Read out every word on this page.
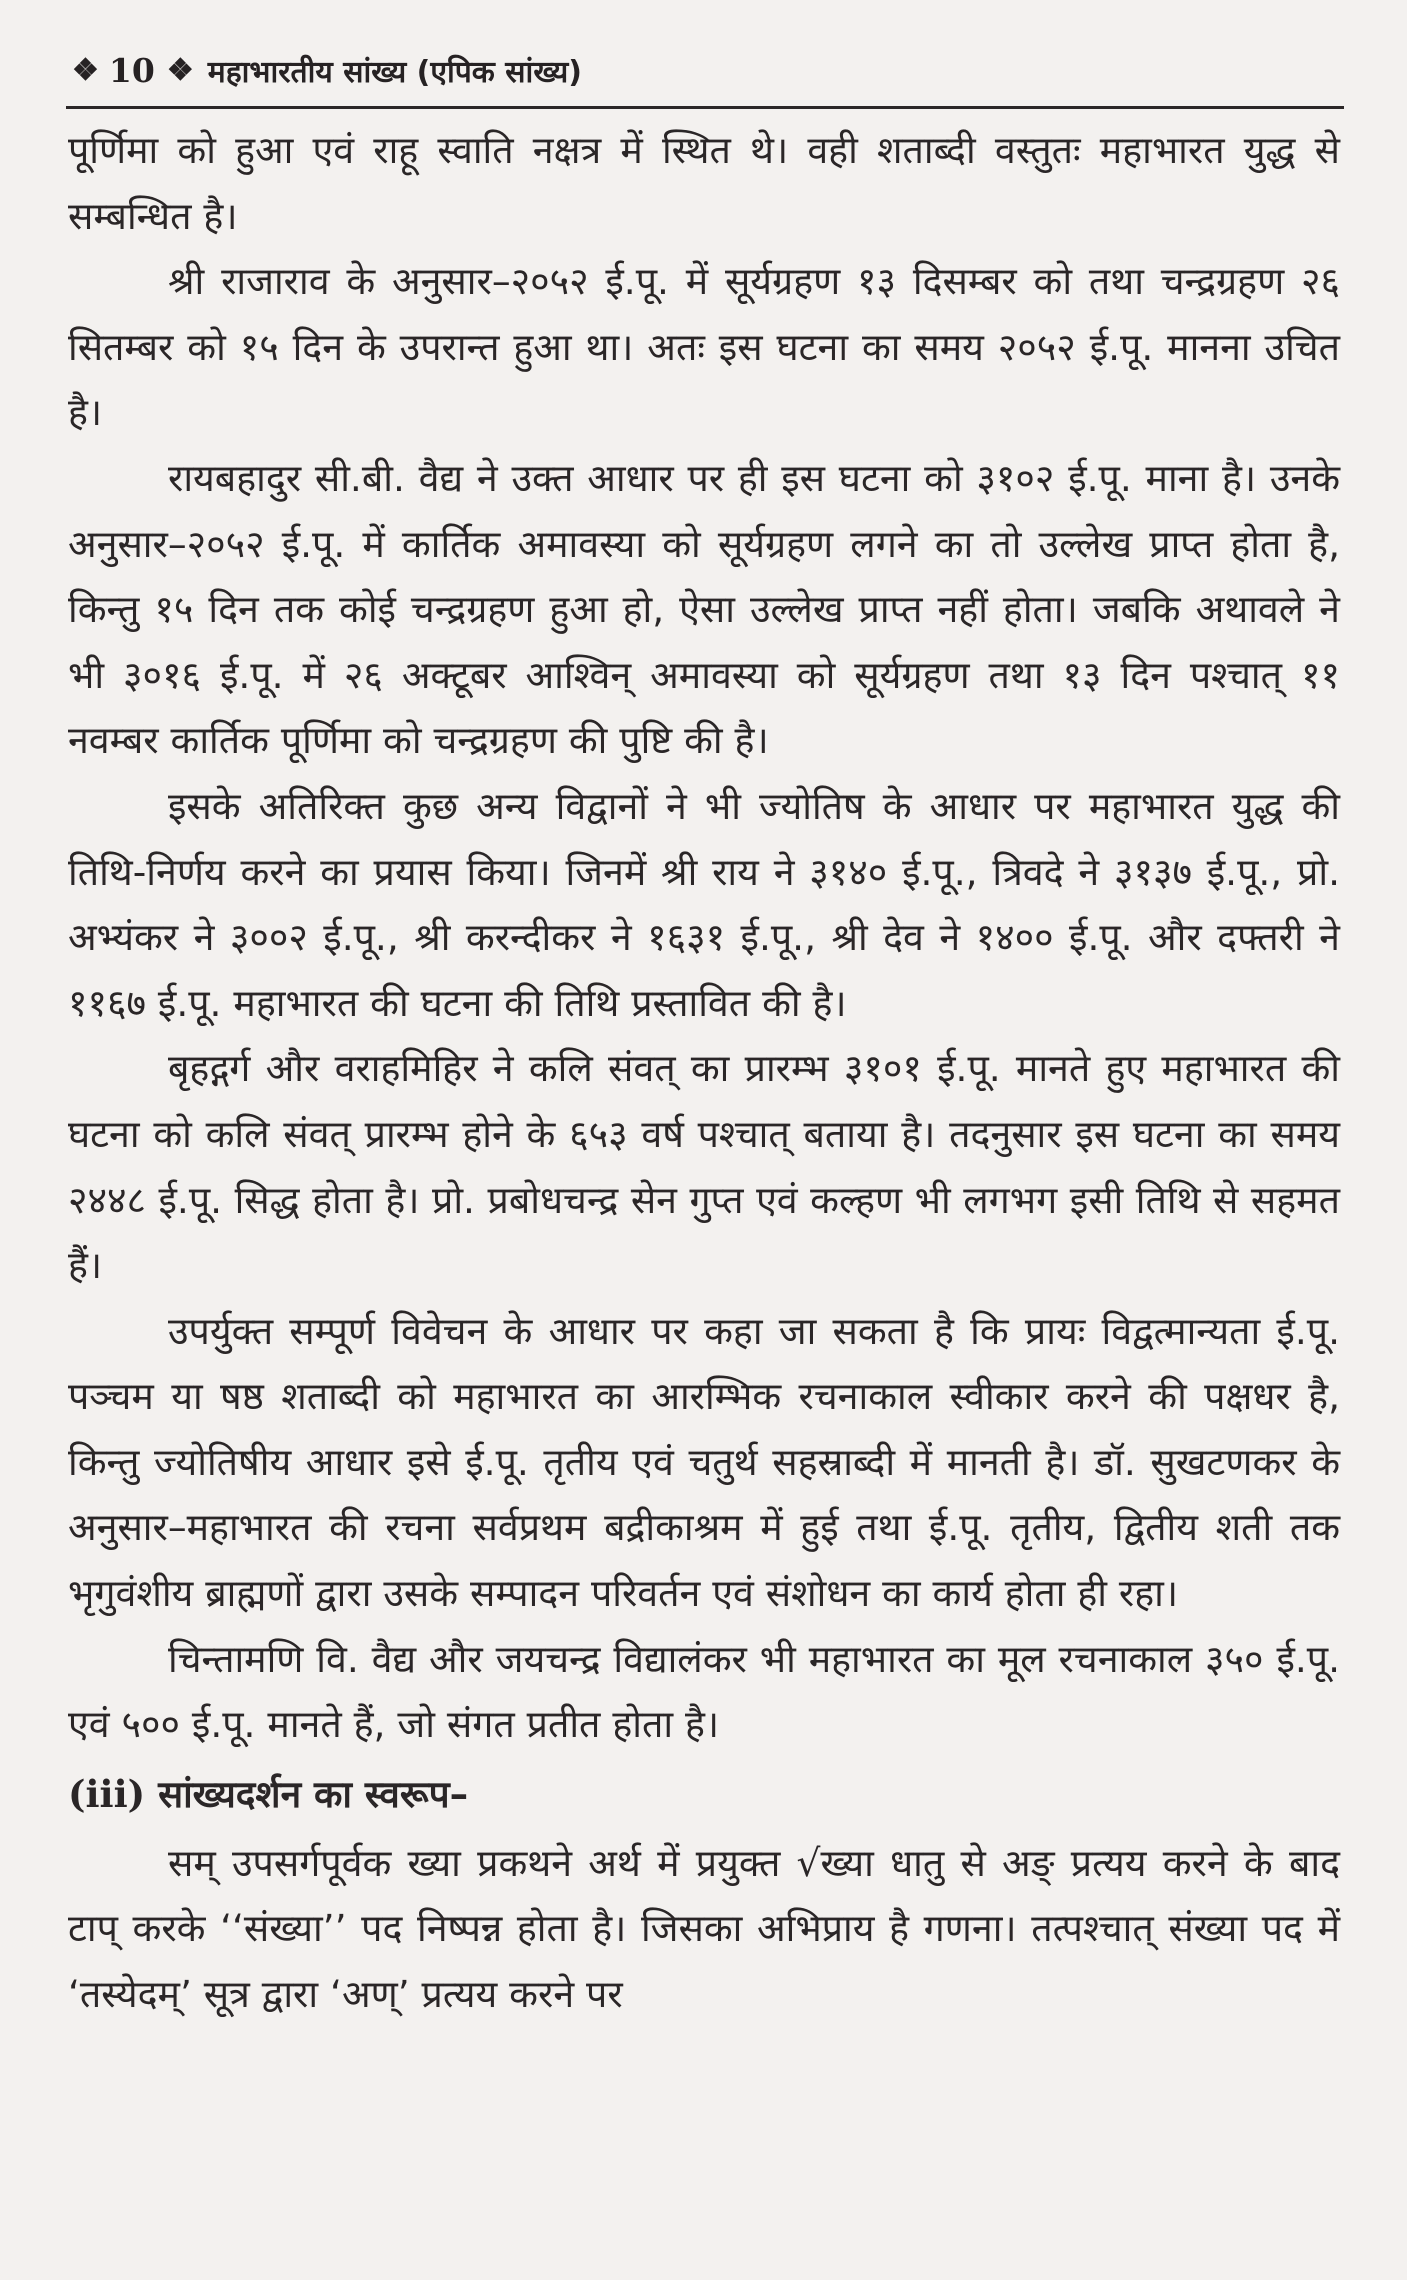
❖ 10 ❖ महाभारतीय सांख्य (एपिक सांख्य)

पूर्णिमा को हुआ एवं राहू स्वाति नक्षत्र में स्थित थे। वही शताब्दी वस्तुतः महाभारत युद्ध से सम्बन्धित है।

श्री राजाराव के अनुसार–२०५२ ई.पू. में सूर्यग्रहण १३ दिसम्बर को तथा चन्द्रग्रहण २६ सितम्बर को १५ दिन के उपरान्त हुआ था। अतः इस घटना का समय २०५२ ई.पू. मानना उचित है।

रायबहादुर सी.बी. वैद्य ने उक्त आधार पर ही इस घटना को ३१०२ ई.पू. माना है। उनके अनुसार–२०५२ ई.पू. में कार्तिक अमावस्या को सूर्यग्रहण लगने का तो उल्लेख प्राप्त होता है, किन्तु १५ दिन तक कोई चन्द्रग्रहण हुआ हो, ऐसा उल्लेख प्राप्त नहीं होता। जबकि अथावले ने भी ३०१६ ई.पू. में २६ अक्टूबर आश्विन् अमावस्या को सूर्यग्रहण तथा १३ दिन पश्चात् ११ नवम्बर कार्तिक पूर्णिमा को चन्द्रग्रहण की पुष्टि की है।

इसके अतिरिक्त कुछ अन्य विद्वानों ने भी ज्योतिष के आधार पर महाभारत युद्ध की तिथि-निर्णय करने का प्रयास किया। जिनमें श्री राय ने ३१४० ई.पू., त्रिवदे ने ३१३७ ई.पू., प्रो. अभ्यंकर ने ३००२ ई.पू., श्री करन्दीकर ने १६३१ ई.पू., श्री देव ने १४०० ई.पू. और दफ्तरी ने ११६७ ई.पू. महाभारत की घटना की तिथि प्रस्तावित की है।

बृहद्गर्ग और वराहमिहिर ने कलि संवत् का प्रारम्भ ३१०१ ई.पू. मानते हुए महाभारत की घटना को कलि संवत् प्रारम्भ होने के ६५३ वर्ष पश्चात् बताया है। तदनुसार इस घटना का समय २४४८ ई.पू. सिद्ध होता है। प्रो. प्रबोधचन्द्र सेन गुप्त एवं कल्हण भी लगभग इसी तिथि से सहमत हैं।

उपर्युक्त सम्पूर्ण विवेचन के आधार पर कहा जा सकता है कि प्रायः विद्वत्मान्यता ई.पू. पञ्चम या षष्ठ शताब्दी को महाभारत का आरम्भिक रचनाकाल स्वीकार करने की पक्षधर है, किन्तु ज्योतिषीय आधार इसे ई.पू. तृतीय एवं चतुर्थ सहस्राब्दी में मानती है। डॉ. सुखटणकर के अनुसार–महाभारत की रचना सर्वप्रथम बद्रीकाश्रम में हुई तथा ई.पू. तृतीय, द्वितीय शती तक भृगुवंशीय ब्राह्मणों द्वारा उसके सम्पादन परिवर्तन एवं संशोधन का कार्य होता ही रहा।

चिन्तामणि वि. वैद्य और जयचन्द्र विद्यालंकर भी महाभारत का मूल रचनाकाल ३५० ई.पू. एवं ५०० ई.पू. मानते हैं, जो संगत प्रतीत होता है।

(iii) सांख्यदर्शन का स्वरूप–

सम् उपसर्गपूर्वक ख्या प्रकथने अर्थ में प्रयुक्त √ख्या धातु से अङ् प्रत्यय करने के बाद टाप् करके ‘‘संख्या’’ पद निष्पन्न होता है। जिसका अभिप्राय है गणना। तत्पश्चात् संख्या पद में ‘तस्येदम्’ सूत्र द्वारा ‘अण्’ प्रत्यय करने पर
